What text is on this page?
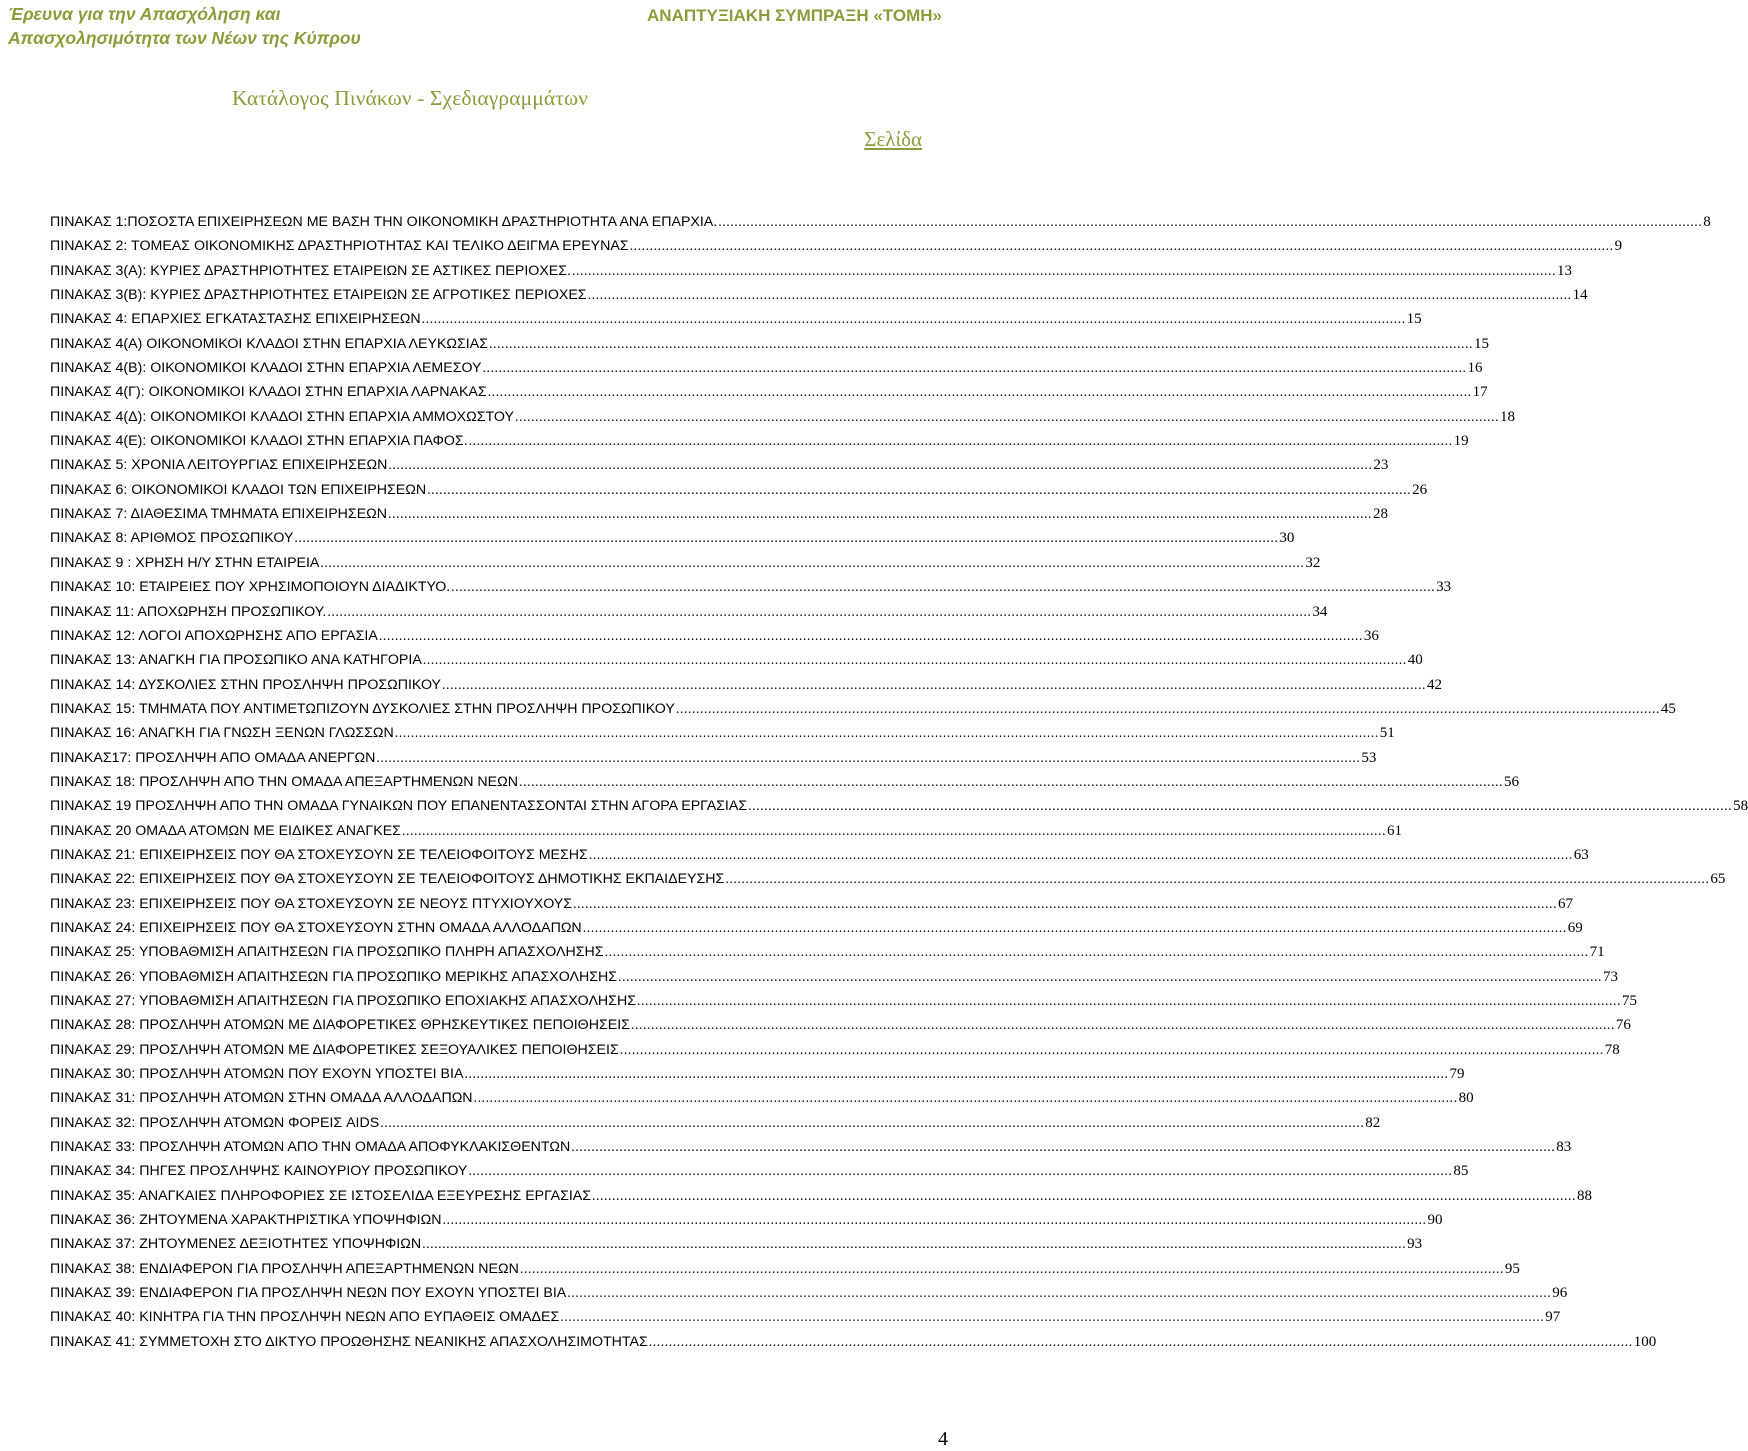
Έρευνα για την Απασχόληση και
Απασχολησιμότητα των Νέων της Κύπρου
ΑΝΑΠΤΥΞΙΑΚΗ ΣΥΜΠΡΑΞΗ «ΤΟΜΗ»
Κατάλογος Πινάκων - Σχεδιαγραμμάτων
Σελίδα
ΠΙΝΑΚΑΣ 1:ΠΟΣΟΣΤΑ ΕΠΙΧΕΙΡΗΣΕΩΝ ΜΕ ΒΑΣΗ ΤΗΝ ΟΙΚΟΝΟΜΙΚΗ ΔΡΑΣΤΗΡΙΟΤΗΤΑ ΑΝΑ ΕΠΑΡΧΙΑ. .....	8
ΠΙΝΑΚΑΣ 2: ΤΟΜΕΑΣ ΟΙΚΟΝΟΜΙΚΗΣ ΔΡΑΣΤΗΡΙΟΤΗΤΑΣ ΚΑΙ ΤΕΛΙΚΟ ΔΕΙΓΜΑ ΕΡΕΥΝΑΣ .....	9
ΠΙΝΑΚΑΣ 3(Α): ΚΥΡΙΕΣ ΔΡΑΣΤΗΡΙΟΤΗΤΕΣ ΕΤΑΙΡΕΙΩΝ ΣΕ ΑΣΤΙΚΕΣ ΠΕΡΙΟΧΕΣ. .....	13
ΠΙΝΑΚΑΣ 3(Β): ΚΥΡΙΕΣ ΔΡΑΣΤΗΡΙΟΤΗΤΕΣ ΕΤΑΙΡΕΙΩΝ ΣΕ ΑΓΡΟΤΙΚΕΣ ΠΕΡΙΟΧΕΣ .....	14
ΠΙΝΑΚΑΣ 4: ΕΠΑΡΧΙΕΣ ΕΓΚΑΤΑΣΤΑΣΗΣ ΕΠΙΧΕΙΡΗΣΕΩΝ .....	15
ΠΙΝΑΚΑΣ 4(Α) ΟΙΚΟΝΟΜΙΚΟΙ ΚΛΑΔΟΙ ΣΤΗΝ ΕΠΑΡΧΙΑ ΛΕΥΚΩΣΙΑΣ .....	15
ΠΙΝΑΚΑΣ 4(Β): ΟΙΚΟΝΟΜΙΚΟΙ ΚΛΑΔΟΙ ΣΤΗΝ ΕΠΑΡΧΙΑ ΛΕΜΕΣΟΥ .....	16
ΠΙΝΑΚΑΣ 4(Γ): ΟΙΚΟΝΟΜΙΚΟΙ ΚΛΑΔΟΙ ΣΤΗΝ ΕΠΑΡΧΙΑ ΛΑΡΝΑΚΑΣ .....	17
ΠΙΝΑΚΑΣ 4(Δ): ΟΙΚΟΝΟΜΙΚΟΙ ΚΛΑΔΟΙ ΣΤΗΝ ΕΠΑΡΧΙΑ ΑΜΜΟΧΩΣΤΟΥ .....	18
ΠΙΝΑΚΑΣ 4(Ε): ΟΙΚΟΝΟΜΙΚΟΙ ΚΛΑΔΟΙ ΣΤΗΝ ΕΠΑΡΧΙΑ ΠΑΦΟΣ. .....	19
ΠΙΝΑΚΑΣ 5: ΧΡΟΝΙΑ ΛΕΙΤΟΥΡΓΙΑΣ ΕΠΙΧΕΙΡΗΣΕΩΝ .....	23
ΠΙΝΑΚΑΣ 6: ΟΙΚΟΝΟΜΙΚΟΙ ΚΛΑΔΟΙ ΤΩΝ ΕΠΙΧΕΙΡΗΣΕΩΝ .....	26
ΠΙΝΑΚΑΣ 7: ΔΙΑΘΕΣΙΜΑ ΤΜΗΜΑΤΑ ΕΠΙΧΕΙΡΗΣΕΩΝ .....	28
ΠΙΝΑΚΑΣ 8: ΑΡΙΘΜΟΣ ΠΡΟΣΩΠΙΚΟΥ .....	30
ΠΙΝΑΚΑΣ 9 : ΧΡΗΣΗ Η/Υ ΣΤΗΝ ΕΤΑΙΡΕΙΑ .....	32
ΠΙΝΑΚΑΣ 10: ΕΤΑΙΡΕΙΕΣ ΠΟΥ ΧΡΗΣΙΜΟΠΟΙΟΥΝ ΔΙΑΔΙΚΤΥΟ. .....	33
ΠΙΝΑΚΑΣ 11: ΑΠΟΧΩΡΗΣΗ ΠΡΟΣΩΠΙΚΟΥ. .....	34
ΠΙΝΑΚΑΣ 12: ΛΟΓΟΙ ΑΠΟΧΩΡΗΣΗΣ ΑΠΟ ΕΡΓΑΣΙΑ .....	36
ΠΙΝΑΚΑΣ 13: ΑΝΑΓΚΗ ΓΙΑ ΠΡΟΣΩΠΙΚΟ ΑΝΑ ΚΑΤΗΓΟΡΙΑ .....	40
ΠΙΝΑΚΑΣ 14: ΔΥΣΚΟΛΙΕΣ ΣΤΗΝ ΠΡΟΣΛΗΨΗ ΠΡΟΣΩΠΙΚΟΥ .....	42
ΠΙΝΑΚΑΣ 15: ΤΜΗΜΑΤΑ ΠΟΥ ΑΝΤΙΜΕΤΩΠΙΖΟΥΝ ΔΥΣΚΟΛΙΕΣ ΣΤΗΝ ΠΡΟΣΛΗΨΗ ΠΡΟΣΩΠΙΚΟΥ .....	45
ΠΙΝΑΚΑΣ 16: ΑΝΑΓΚΗ ΓΙΑ ΓΝΩΣΗ ΞΕΝΩΝ ΓΛΩΣΣΩΝ .....	51
ΠΙΝΑΚΑΣ17: ΠΡΟΣΛΗΨΗ ΑΠΟ ΟΜΑΔΑ ΑΝΕΡΓΩΝ .....	53
ΠΙΝΑΚΑΣ 18: ΠΡΟΣΛΗΨΗ ΑΠΟ ΤΗΝ ΟΜΑΔΑ ΑΠΕΞΑΡΤΗΜΕΝΩΝ ΝΕΩΝ .....	56
ΠΙΝΑΚΑΣ 19 ΠΡΟΣΛΗΨΗ ΑΠΟ ΤΗΝ ΟΜΑΔΑ ΓΥΝΑΙΚΩΝ ΠΟΥ ΕΠΑΝΕΝΤΑΣΣΟΝΤΑΙ ΣΤΗΝ ΑΓΟΡΑ ΕΡΓΑΣΙΑΣ .....	58
ΠΙΝΑΚΑΣ 20 ΟΜΑΔΑ ΑΤΟΜΩΝ ΜΕ ΕΙΔΙΚΕΣ ΑΝΑΓΚΕΣ .....	61
ΠΙΝΑΚΑΣ 21: ΕΠΙΧΕΙΡΗΣΕΙΣ ΠΟΥ ΘΑ ΣΤΟΧΕΥΣΟΥΝ ΣΕ ΤΕΛΕΙΟΦΟΙΤΟΥΣ ΜΕΣΗΣ .....	63
ΠΙΝΑΚΑΣ 22: ΕΠΙΧΕΙΡΗΣΕΙΣ ΠΟΥ ΘΑ ΣΤΟΧΕΥΣΟΥΝ ΣΕ ΤΕΛΕΙΟΦΟΙΤΟΥΣ ΔΗΜΟΤΙΚΗΣ ΕΚΠΑΙΔΕΥΣΗΣ .....	65
ΠΙΝΑΚΑΣ 23: ΕΠΙΧΕΙΡΗΣΕΙΣ ΠΟΥ ΘΑ ΣΤΟΧΕΥΣΟΥΝ ΣΕ ΝΕΟΥΣ ΠΤΥΧΙΟΥΧΟΥΣ .....	67
ΠΙΝΑΚΑΣ 24: ΕΠΙΧΕΙΡΗΣΕΙΣ ΠΟΥ ΘΑ ΣΤΟΧΕΥΣΟΥΝ ΣΤΗΝ ΟΜΑΔΑ ΑΛΛΟΔΑΠΩΝ .....	69
ΠΙΝΑΚΑΣ 25: ΥΠΟΒΑΘΜΙΣΗ ΑΠΑΙΤΗΣΕΩΝ ΓΙΑ ΠΡΟΣΩΠΙΚΟ ΠΛΗΡΗ ΑΠΑΣΧΟΛΗΣΗΣ .....	71
ΠΙΝΑΚΑΣ 26: ΥΠΟΒΑΘΜΙΣΗ ΑΠΑΙΤΗΣΕΩΝ ΓΙΑ ΠΡΟΣΩΠΙΚΟ ΜΕΡΙΚΗΣ ΑΠΑΣΧΟΛΗΣΗΣ .....	73
ΠΙΝΑΚΑΣ 27: ΥΠΟΒΑΘΜΙΣΗ ΑΠΑΙΤΗΣΕΩΝ ΓΙΑ ΠΡΟΣΩΠΙΚΟ ΕΠΟΧΙΑΚΗΣ ΑΠΑΣΧΟΛΗΣΗΣ .....	75
ΠΙΝΑΚΑΣ 28: ΠΡΟΣΛΗΨΗ ΑΤΟΜΩΝ ΜΕ ΔΙΑΦΟΡΕΤΙΚΕΣ ΘΡΗΣΚΕΥΤΙΚΕΣ ΠΕΠΟΙΘΗΣΕΙΣ .....	76
ΠΙΝΑΚΑΣ 29: ΠΡΟΣΛΗΨΗ ΑΤΟΜΩΝ ΜΕ ΔΙΑΦΟΡΕΤΙΚΕΣ ΣΕΞΟΥΑΛΙΚΕΣ ΠΕΠΟΙΘΗΣΕΙΣ .....	78
ΠΙΝΑΚΑΣ 30: ΠΡΟΣΛΗΨΗ ΑΤΟΜΩΝ ΠΟΥ ΕΧΟΥΝ ΥΠΟΣΤΕΙ ΒΙΑ .....	79
ΠΙΝΑΚΑΣ 31: ΠΡΟΣΛΗΨΗ ΑΤΟΜΩΝ ΣΤΗΝ ΟΜΑΔΑ ΑΛΛΟΔΑΠΩΝ .....	80
ΠΙΝΑΚΑΣ 32: ΠΡΟΣΛΗΨΗ ΑΤΟΜΩΝ ΦΟΡΕΙΣ AIDS .....	82
ΠΙΝΑΚΑΣ 33: ΠΡΟΣΛΗΨΗ ΑΤΟΜΩΝ ΑΠΟ ΤΗΝ ΟΜΑΔΑ ΑΠΟΦΥΚΛΑΚΙΣΘΕΝΤΩΝ .....	83
ΠΙΝΑΚΑΣ 34: ΠΗΓΕΣ ΠΡΟΣΛΗΨΗΣ ΚΑΙΝΟΥΡΙΟΥ ΠΡΟΣΩΠΙΚΟΥ .....	85
ΠΙΝΑΚΑΣ 35: ΑΝΑΓΚΑΙΕΣ ΠΛΗΡΟΦΟΡΙΕΣ ΣΕ ΙΣΤΟΣΕΛΙΔΑ ΕΞΕΥΡΕΣΗΣ ΕΡΓΑΣΙΑΣ .....	88
ΠΙΝΑΚΑΣ 36: ΖΗΤΟΥΜΕΝΑ ΧΑΡΑΚΤΗΡΙΣΤΙΚΑ ΥΠΟΨΗΦΙΩΝ .....	90
ΠΙΝΑΚΑΣ 37: ΖΗΤΟΥΜΕΝΕΣ ΔΕΞΙΟΤΗΤΕΣ ΥΠΟΨΗΦΙΩΝ .....	93
ΠΙΝΑΚΑΣ 38: ΕΝΔΙΑΦΕΡΟΝ ΓΙΑ ΠΡΟΣΛΗΨΗ ΑΠΕΞΑΡΤΗΜΕΝΩΝ ΝΕΩΝ .....	95
ΠΙΝΑΚΑΣ 39: ΕΝΔΙΑΦΕΡΟΝ ΓΙΑ ΠΡΟΣΛΗΨΗ ΝΕΩΝ ΠΟΥ ΕΧΟΥΝ ΥΠΟΣΤΕΙ ΒΙΑ .....	96
ΠΙΝΑΚΑΣ 40: ΚΙΝΗΤΡΑ ΓΙΑ ΤΗΝ ΠΡΟΣΛΗΨΗ ΝΕΩΝ ΑΠΟ ΕΥΠΑΘΕΙΣ ΟΜΑΔΕΣ .....	97
ΠΙΝΑΚΑΣ 41: ΣΥΜΜΕΤΟΧΗ ΣΤΟ ΔΙΚΤΥΟ ΠΡΟΩΘΗΣΗΣ ΝΕΑΝΙΚΗΣ ΑΠΑΣΧΟΛΗΣΙΜΟΤΗΤΑΣ .....	100
4
